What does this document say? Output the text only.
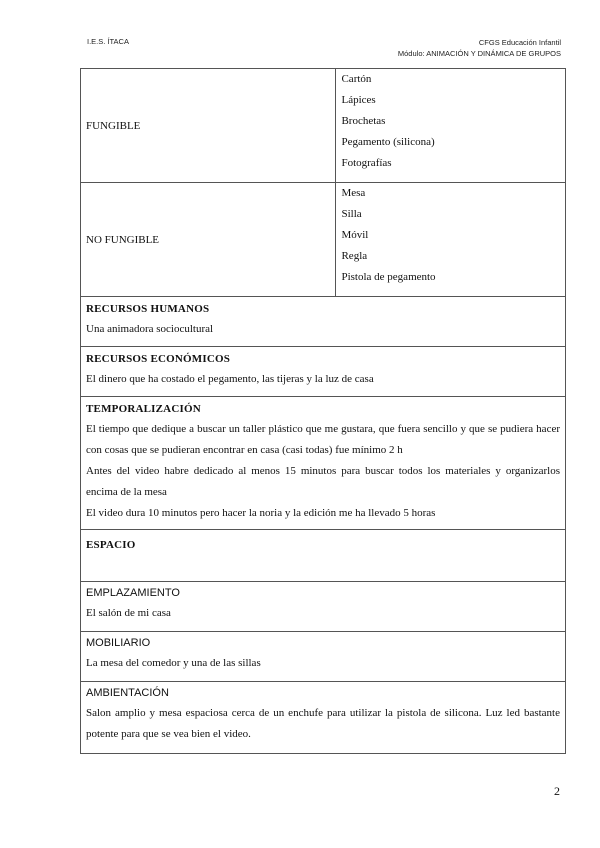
I.E.S. ÍTACA	CFGS Educación Infantil
Módulo: ANIMACIÓN Y DINÁMICA DE GRUPOS
FUNGIBLE	Cartón
Lápices
Brochetas
Pegamento (silicona)
Fotografías

NO FUNGIBLE	Mesa
Silla
Móvil
Regla
Pistola de pegamento

RECURSOS HUMANOS
Una animadora sociocultural	

RECURSOS ECONÓMICOS
El dinero que ha costado el pegamento, las tijeras y la luz de casa	

TEMPORALIZACIÓN
El tiempo que dedique a buscar un taller plástico que me gustara, que fuera sencillo y que se pudiera hacer con cosas que se pudieran encontrar en casa (casi todas) fue mínimo 2 h
Antes del video habre dedicado al menos 15 minutos para buscar todos los materiales y organizarlos encima de la mesa
El video dura 10 minutos pero hacer la noria y la edición me ha llevado 5 horas	

ESPACIO	

EMPLAZAMIENTO
El salón de mi casa	

MOBILIARIO
La mesa del comedor y una de las sillas	

AMBIENTACIÓN
Salon amplio y mesa espaciosa cerca de un enchufe para utilizar la pistola de silicona. Luz led bastante potente para que se vea bien el video.	
2
